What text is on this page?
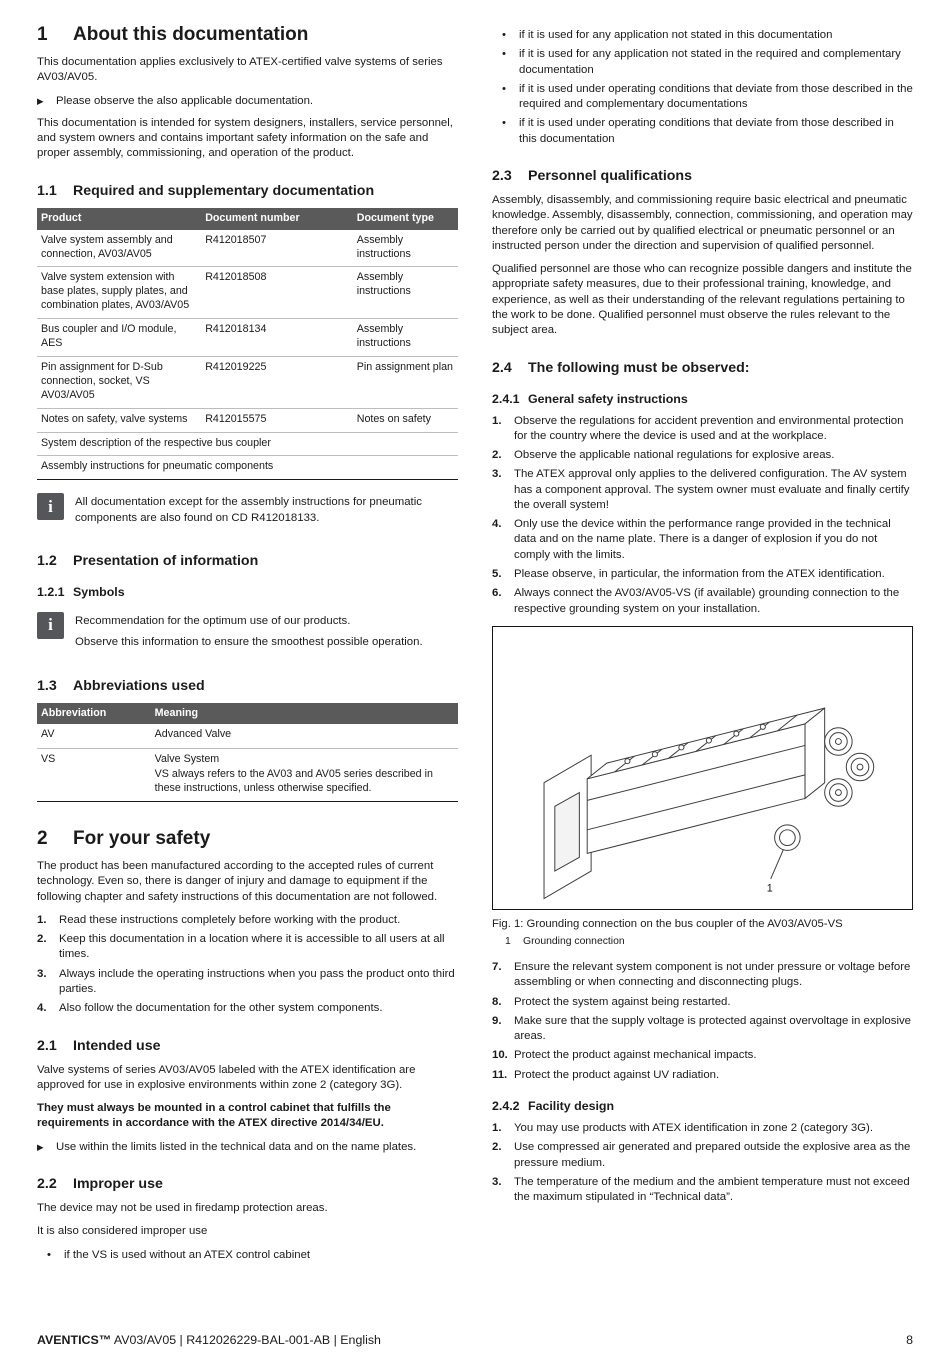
1	About this documentation

This documentation applies exclusively to ATEX-certified valve systems of series AV03/AV05.

▶	Please observe the also applicable documentation.

This documentation is intended for system designers, installers, service personnel, and system owners and contains important safety information on the safe and proper assembly, commissioning, and operation of the product.

1.1	Required and supplementary documentation
Product	Document number	Document type
Valve system assembly and connection, AV03/AV05	R412018507	Assembly instructions
Valve system extension with base plates, supply plates, and combination plates, AV03/AV05	R412018508	Assembly instructions
Bus coupler and I/O module, AES	R412018134	Assembly instructions
Pin assignment for D-Sub connection, socket, VS AV03/AV05	R412019225	Pin assignment plan
Notes on safety, valve systems	R412015575	Notes on safety
System description of the respective bus coupler		
Assembly instructions for pneumatic components		
i	All documentation except for the assembly instructions for pneumatic components are also found on CD R412018133.

1.2	Presentation of information
1.2.1 Symbols
i	Recommendation for the optimum use of our products.

Observe this information to ensure the smoothest possible operation.

1.3	Abbreviations used
Abbreviation	Meaning
AV	Advanced Valve

VS	Valve System
VS always refers to the AV03 and AV05 series described in these instructions, unless otherwise specified.
2	For your safety

The product has been manufactured according to the accepted rules of current technology. Even so, there is danger of injury and damage to equipment if the following chapter and safety instructions of this documentation are not followed.

1.	Read these instructions completely before working with the product.
2.	Keep this documentation in a location where it is accessible to all users at all times.
3.	Always include the operating instructions when you pass the product onto third parties.
4.	Also follow the documentation for the other system components.
2.1	Intended use

Valve systems of series AV03/AV05 labeled with the ATEX identification are approved for use in explosive environments within zone 2 (category 3G).

They must always be mounted in a control cabinet that fulfills the requirements in accordance with the ATEX directive 2014/34/EU.

▶	Use within the limits listed in the technical data and on the name plates.
2.2	Improper use

The device may not be used in firedamp protection areas.

It is also considered improper use

•	if the VS is used without an ATEX control cabinet
•	if it is used for any application not stated in this documentation
•	if it is used for any application not stated in the required and complementary documentation
•	if it is used under operating conditions that deviate from those described in the required and complementary documentations
•	if it is used under operating conditions that deviate from those described in this documentation
2.3	Personnel qualifications

Assembly, disassembly, and commissioning require basic electrical and pneumatic knowledge. Assembly, disassembly, connection, commissioning, and operation may therefore only be carried out by qualified electrical or pneumatic personnel or an instructed person under the direction and supervision of qualified personnel.

Qualified personnel are those who can recognize possible dangers and institute the appropriate safety measures, due to their professional training, knowledge, and experience, as well as their understanding of the relevant regulations pertaining to the work to be done. Qualified personnel must observe the rules relevant to the subject area.

2.4	The following must be observed:
2.4.1 General safety instructions
1.	Observe the regulations for accident prevention and environmental protection for the country where the device is used and at the workplace.
2.	Observe the applicable national regulations for explosive areas.
3.	The ATEX approval only applies to the delivered configuration. The AV system has a component approval. The system owner must evaluate and finally certify the overall system!
4.	Only use the device within the performance range provided in the technical data and on the name plate. There is a danger of explosion if you do not comply with the limits.
5.	Please observe, in particular, the information from the ATEX identification.
6.	Always connect the AV03/AV05-VS (if available) grounding connection to the respective grounding system on your installation.
1

Fig. 1: Grounding connection on the bus coupler of the AV03/AV05-VS

1	Grounding connection
7.	Ensure the relevant system component is not under pressure or voltage before assembling or when connecting and disconnecting plugs.
8.	Protect the system against being restarted.
9.	Make sure that the supply voltage is protected against overvoltage in explosive areas.
10. Protect the product against mechanical impacts.
11. Protect the product against UV radiation.
2.4.2 Facility design
1.	You may use products with ATEX identification in zone 2 (category 3G).
2.	Use compressed air generated and prepared outside the explosive area as the pressure medium.
3.	The temperature of the medium and the ambient temperature must not exceed the maximum stipulated in “Technical data”.
AVENTICS™ AV03/AV05 | R412026229-BAL-001-AB | English	8
